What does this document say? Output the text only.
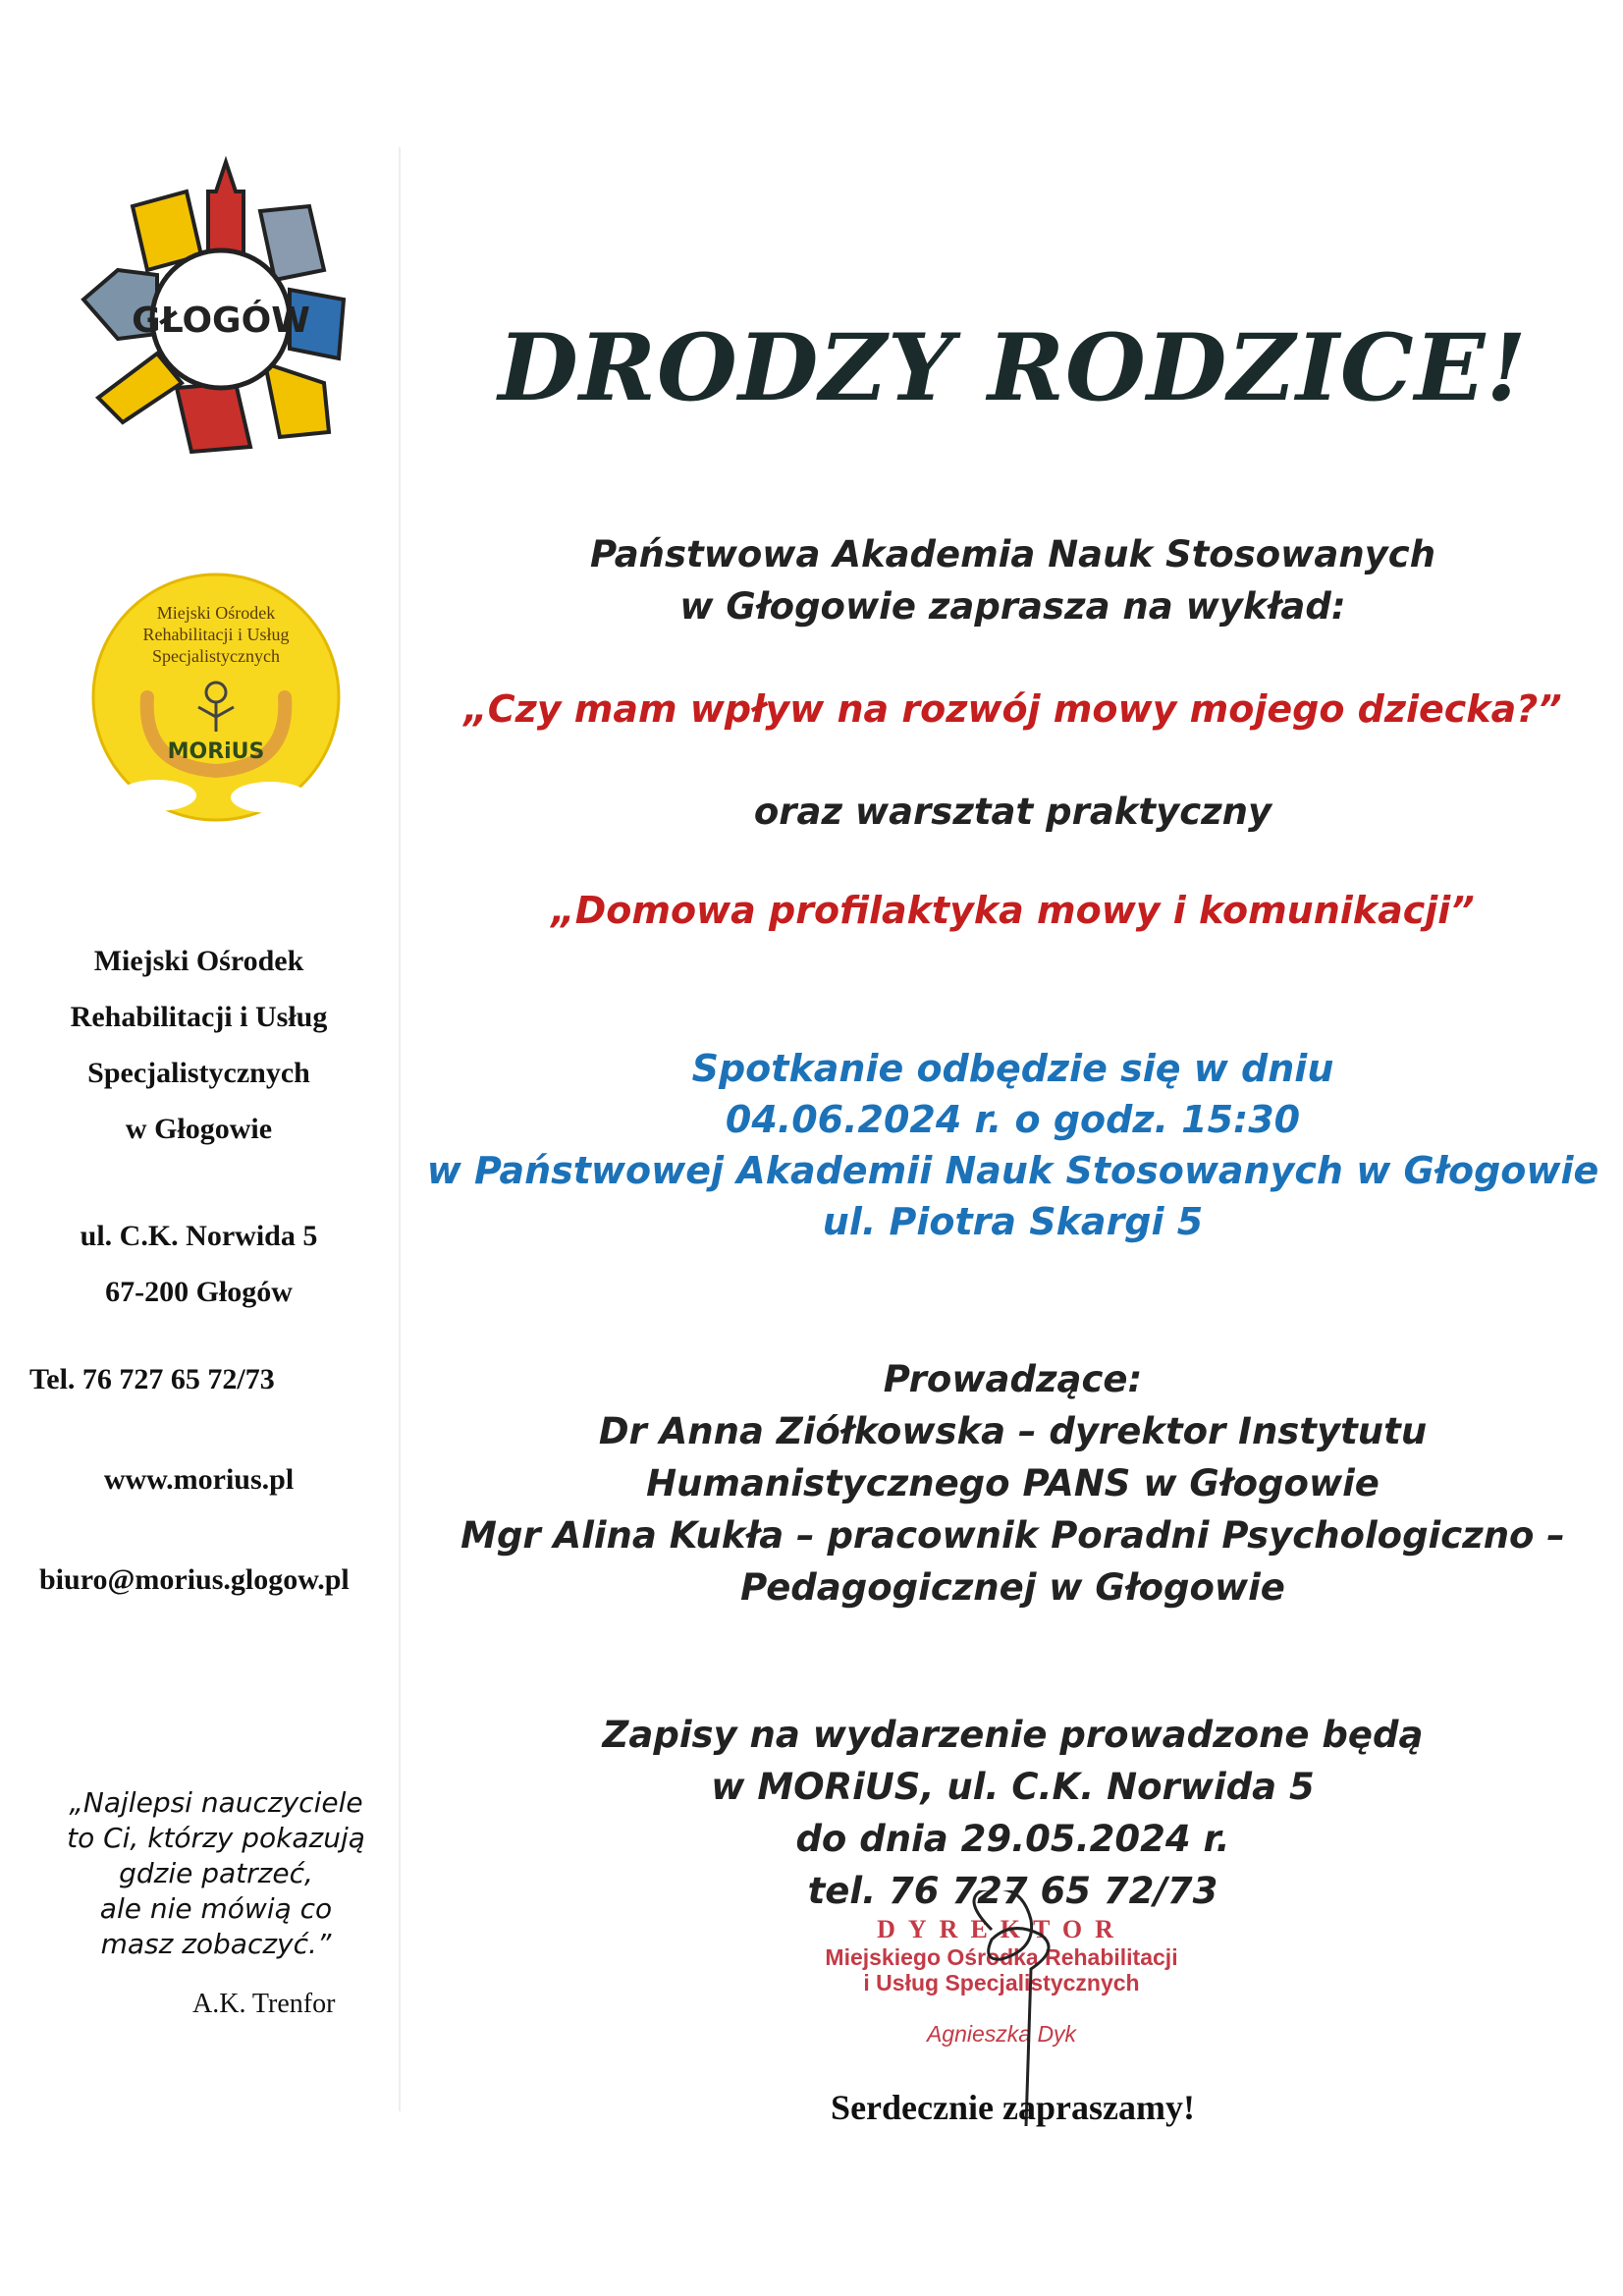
GŁOGÓW
Miejski Ośrodek
Rehabilitacji i Usług
Specjalistycznych
MORiUS
Miejski Ośrodek
Rehabilitacji i Usług
Specjalistycznych
w Głogowie
ul. C.K. Norwida 5
67-200 Głogów
Tel. 76 727 65 72/73
www.morius.pl
biuro@morius.glogow.pl
„Najlepsi nauczyciele
to Ci, którzy pokazują
gdzie patrzeć,
ale nie mówią co
masz zobaczyć.”
A.K. Trenfor
DRODZY RODZICE!
Państwowa Akademia Nauk Stosowanych
w Głogowie zaprasza na wykład:
„Czy mam wpływ na rozwój mowy mojego dziecka?”
oraz warsztat praktyczny
„Domowa profilaktyka mowy i komunikacji”
Spotkanie odbędzie się w dniu
04.06.2024 r. o godz. 15:30
w Państwowej Akademii Nauk Stosowanych w Głogowie
ul. Piotra Skargi 5
Prowadzące:
Dr Anna Ziółkowska – dyrektor Instytutu
Humanistycznego PANS w Głogowie
Mgr Alina Kukła – pracownik Poradni Psychologiczno –
Pedagogicznej w Głogowie
Zapisy na wydarzenie prowadzone będą
w MORiUS, ul. C.K. Norwida 5
do dnia 29.05.2024 r.
tel. 76 727 65 72/73
DYREKTOR
Miejskiego Ośrodka Rehabilitacji
i Usług Specjalistycznych
Agnieszka Dyk
Serdecznie zapraszamy!
